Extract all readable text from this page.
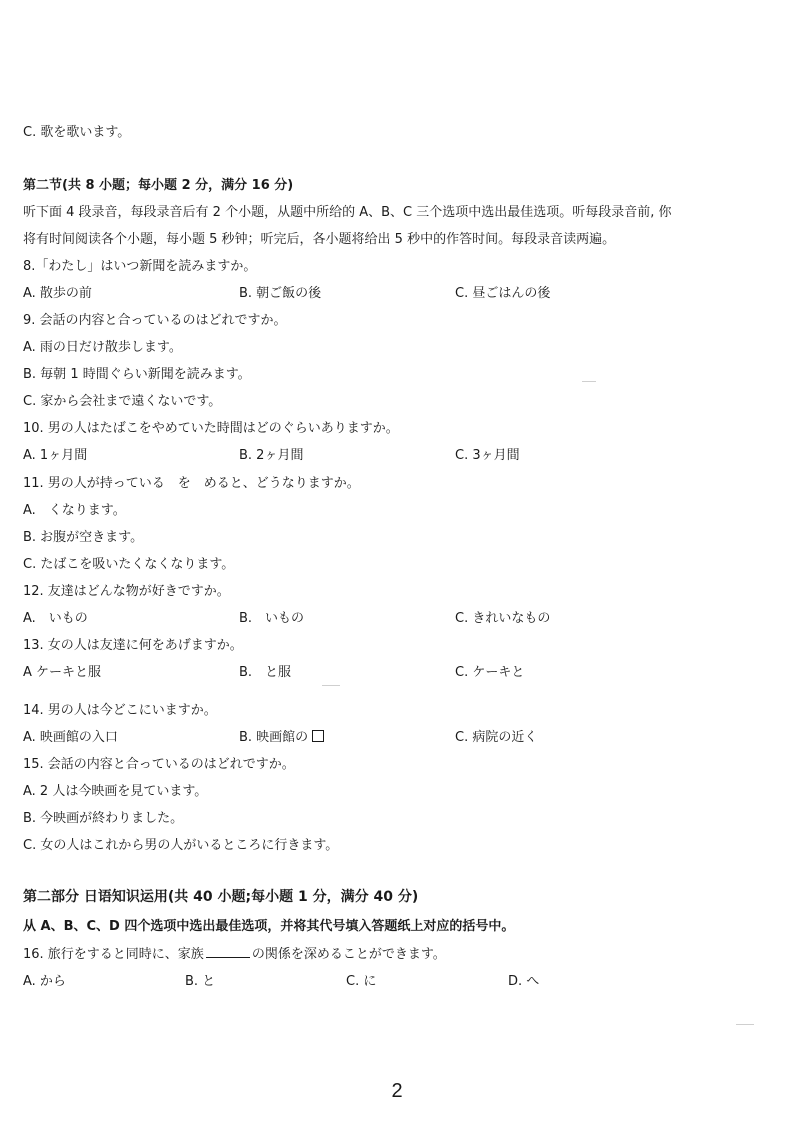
C. 歌を歌います。
第二节(共 8 小题；每小题 2 分，满分 16 分)
听下面 4 段录音，每段录音后有 2 个小题，从题中所给的 A、B、C 三个选项中选出最佳选项。听每段录音前, 你
将有时间阅读各个小题，每小题 5 秒钟；听完后，各小题将给出 5 秒中的作答时间。每段录音读两遍。
8.「わたし」はいつ新聞を読みますか。
A. 散歩の前	B. 朝ご飯の後	C. 昼ごはんの後
9. 会話の内容と合っているのはどれですか。
A. 雨の日だけ散歩します。
B. 毎朝 1 時間ぐらい新聞を読みます。
C. 家から会社まで遠くないです。
10. 男の人はたばこをやめていた時間はどのぐらいありますか。
A. 1ヶ月間	B. 2ヶ月間	C. 3ヶ月間
11. 男の人が持っている　を　めると、どうなりますか。
A.　くなります。
B. お腹が空きます。
C. たばこを吸いたくなくなります。
12. 友達はどんな物が好きですか。
A.　いもの	B.　いもの	C. きれいなもの
13. 女の人は友達に何をあげますか。
A ケーキと服	B.　と服	C. ケーキと
14. 男の人は今どこにいますか。
A. 映画館の入口	B. 映画館の	C. 病院の近く
15. 会話の内容と合っているのはどれですか。
A. 2 人は今映画を見ています。
B. 今映画が終わりました。
C. 女の人はこれから男の人がいるところに行きます。
第二部分 日语知识运用(共 40 小题;每小题 1 分，满分 40 分)
从 A、B、C、D 四个选项中选出最佳选项，并将其代号填入答题纸上对应的括号中。
16. 旅行をすると同時に、家族	の関係を深めることができます。
A. から	B. と	C. に	D. へ
2
